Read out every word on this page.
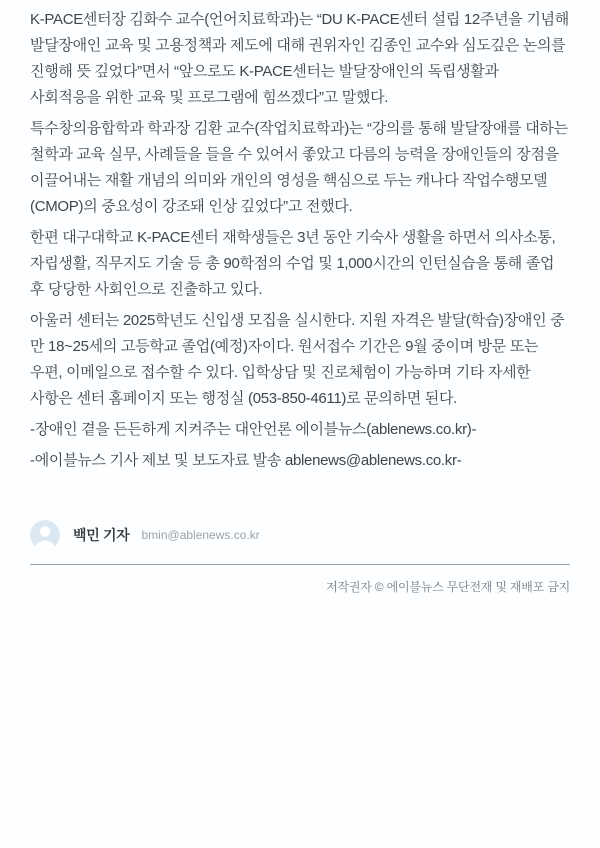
K-PACE센터장 김화수 교수(언어치료학과)는 “DU K-PACE센터 설립 12주년을 기념해 발달장애인 교육 및 고용정책과 제도에 대해 권위자인 김종인 교수와 심도깊은 논의를 진행해 뜻 깊었다”면서 “앞으로도 K-PACE센터는 발달장애인의 독립생활과 사회적응을 위한 교육 및 프로그램에 힘쓰겠다”고 말했다.

특수창의융합학과 학과장 김환 교수(작업치료학과)는 “강의를 통해 발달장애를 대하는 철학과 교육 실무, 사례들을 들을 수 있어서 좋았고 다름의 능력을 장애인들의 장점을 이끌어내는 재활 개념의 의미와 개인의 영성을 핵심으로 두는 캐나다 작업수행모델(CMOP)의 중요성이 강조돼 인상 깊었다”고 전했다.

한편 대구대학교 K-PACE센터 재학생들은 3년 동안 기숙사 생활을 하면서 의사소통, 자립생활, 직무지도 기술 등 총 90학점의 수업 및 1,000시간의 인턴실습을 통해 졸업 후 당당한 사회인으로 진출하고 있다.

아울러 센터는 2025학년도 신입생 모집을 실시한다. 지원 자격은 발달(학습)장애인 중 만 18~25세의 고등학교 졸업(예정)자이다. 원서접수 기간은 9월 중이며 방문 또는 우편, 이메일으로 접수할 수 있다. 입학상담 및 진로체험이 가능하며 기타 자세한 사항은 센터 홈페이지 또는 행정실 (053-850-4611)로 문의하면 된다.

-장애인 곁을 든든하게 지켜주는 대안언론 에이블뉴스(ablenews.co.kr)-

-에이블뉴스 기사 제보 및 보도자료 발송 ablenews@ablenews.co.kr-

백민 기자 bmin@ablenews.co.kr
저작권자 © 에이블뉴스 무단전재 및 재배포 금지
